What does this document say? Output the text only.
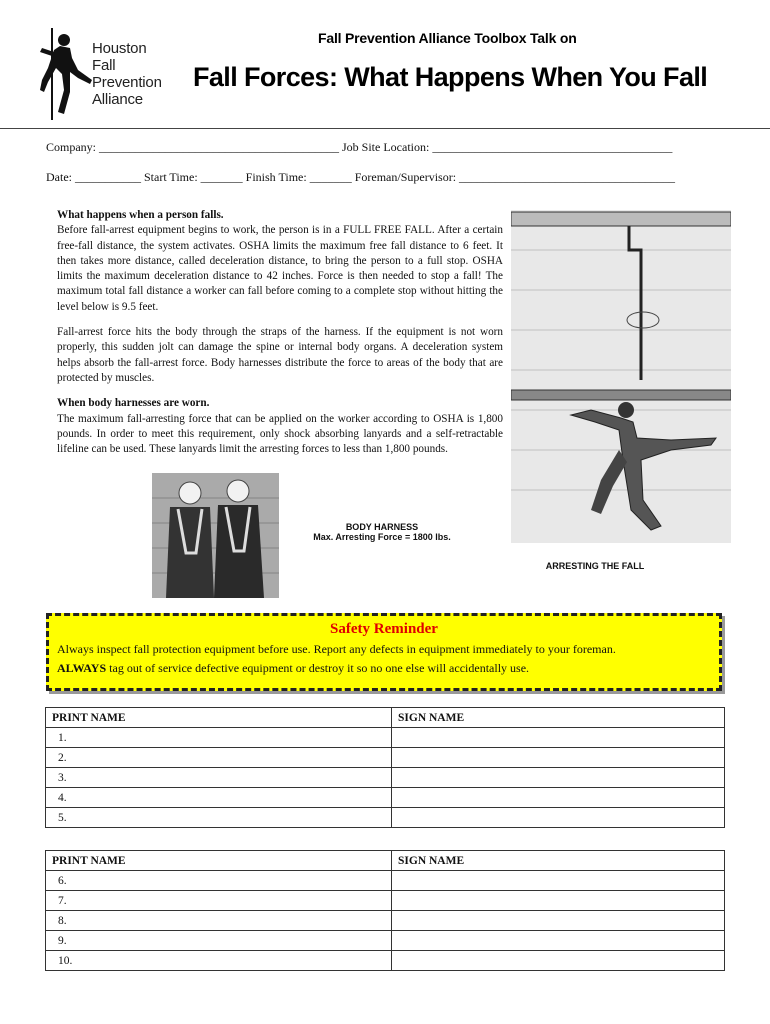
Houston
Fall
Prevention
Alliance
Fall Prevention Alliance Toolbox Talk on
Fall Forces: What Happens When You Fall
Company: ________________________________________ Job Site Location: ________________________________________
Date: ___________ Start Time: _______ Finish Time: _______ Foreman/Supervisor: ____________________________________

What happens when a person falls.
Before fall-arrest equipment begins to work, the person is in a FULL FREE FALL. After a certain free-fall distance, the system activates. OSHA limits the maximum free fall distance to 6 feet. It then takes more distance, called deceleration distance, to bring the person to a full stop. OSHA limits the maximum deceleration distance to 42 inches. Force is then needed to stop a fall! The maximum total fall distance a worker can fall before coming to a complete stop without hitting the level below is 9.5 feet.

Fall-arrest force hits the body through the straps of the harness. If the equipment is not worn properly, this sudden jolt can damage the spine or internal body organs. A deceleration system helps absorb the fall-arrest force. Body harnesses distribute the force to areas of the body that are protected by muscles.

When body harnesses are worn.
The maximum fall-arresting force that can be applied on the worker according to OSHA is 1,800 pounds. In order to meet this requirement, only shock absorbing lanyards and a self-retractable lifeline can be used. These lanyards limit the arresting forces to less than 1,800 pounds.

BODY HARNESS
Max. Arresting Force = 1800 lbs.
ARRESTING THE FALL
Safety Reminder
Always inspect fall protection equipment before use. Report any defects in equipment immediately to your foreman.
ALWAYS tag out of service defective equipment or destroy it so no one else will accidentally use.
PRINT NAME	SIGN NAME
1.	
2.	
3.	
4.	
5.	
PRINT NAME	SIGN NAME
6.	
7.	
8.	
9.	
10.	
